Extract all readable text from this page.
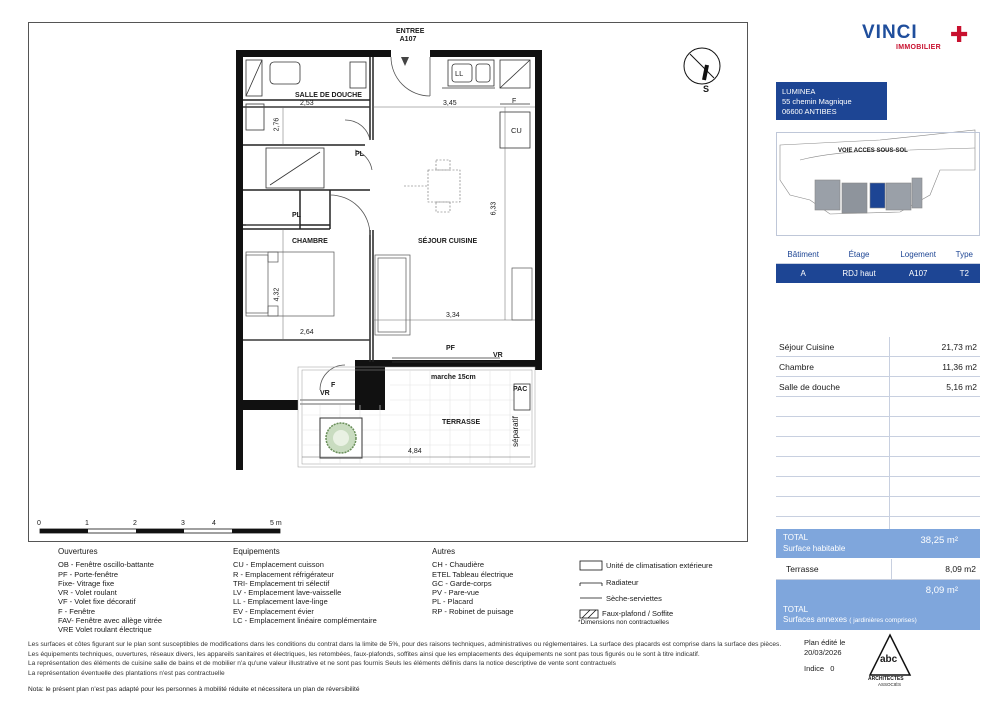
ENTREE
A107
S
SALLE DE DOUCHE
CHAMBRE	SÉJOUR CUISINE
TERRASSE
marche 15cm
2,53	3,45
2,76
6,33
4,32
3,34
2,64
4,84
LL
F
CU
PL
PL
PF
VR
VR
F
PAC
séparatif
0	1	2	3	4	5 m
VINCI
IMMOBILIER
✚
LUMINEA
55 chemin Magnique
06600 ANTIBES
VOIE ACCES SOUS-SOL
Bâtiment	Étage	Logement	Type
A	RDJ haut	A107	T2
Séjour Cuisine	21,73 m2
Chambre	11,36 m2
Salle de douche	5,16 m2

TOTAL
Surface habitable
38,25 m²
Terrasse	8,09 m2
8,09 m²
TOTAL
Surfaces annexes ( jardinières comprises)
Ouvertures
OB - Fenêtre oscillo-battante
PF - Porte-fenêtre
Fixe- Vitrage fixe
VR - Volet roulant
VF - Volet fixe décoratif
F - Fenêtre
FAV- Fenêtre avec allège vitrée
VRE Volet roulant électrique
Equipements
CU - Emplacement cuisson
R - Emplacement réfrigérateur
TRI- Emplacement tri sélectif
LV - Emplacement lave-vaisselle
LL - Emplacement lave-linge
EV - Emplacement évier
LC - Emplacement linéaire complémentaire
Autres
CH - Chaudière
ETEL Tableau électrique
GC - Garde-corps
PV - Pare-vue
PL - Placard
RP - Robinet de puisage
Unité de climatisation extérieure
Radiateur
Sèche-serviettes
Faux-plafond / Soffite
*Dimensions non contractuelles
Les surfaces et côtes figurant sur le plan sont susceptibles de modifications dans les conditions du contrat dans la limite de 5%, pour des raisons techniques, administratives ou réglementaires. La surface des placards est comprise dans la surface des pièces.
Les équipements techniques, ouvertures, réseaux divers, les appareils sanitaires et électriques, les retombées, faux-plafonds, soffites ainsi que les emplacements des équipements ne sont pas tous figurés ou le sont à titre indicatif.
La représentation des éléments de cuisine salle de bains et de mobilier n'a qu'une valeur illustrative et ne sont pas fournis Seuls les éléments définis dans la notice descriptive de vente sont contractuels
La représentation éventuelle des plantations n'est pas contractuelle
Nota: le présent plan n'est pas adapté pour les personnes à mobilité réduite et nécessitera un plan de réversibilité
Plan édité le
20/03/2026
Indice 0
abc
ARCHITECTES
ASSOCIÉS
